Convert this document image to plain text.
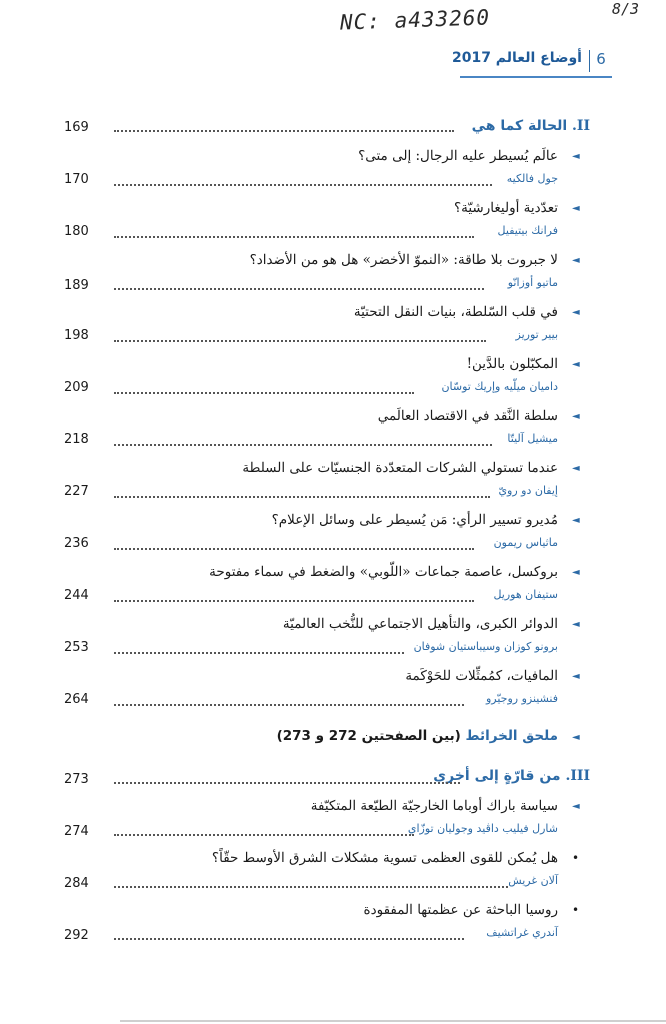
NC: a433260	8/3
6
أوضاع العالم 2017
II. الحالة كما هي
169
◄
عالَم يُسيطر عليه الرجال: إلى متى؟
جول فالكيه
170
◄
تعدّدية أوليغارشيّة؟
فرانك بيتيفيل
180
◄
لا جبروت بلا طاقة: «النموّ الأخضر» هل هو من الأضداد؟
ماتيو أوزانّو
189
◄
في قلب السّلطة، بنيات النقل التحتيّة
بيير توريز
198
◄
المكبّلون بالدَّين!
داميان ميلّيه وإريك توسّان
209
◄
سلطة النَّقد في الاقتصاد العالَمي
ميشيل آليتّا
218
◄
عندما تستولي الشركات المتعدّدة الجنسيّات على السلطة
إيفان دو رويّ
227
◄
مُديرو تسيير الرأي: مَن يُسيطر على وسائل الإعلام؟
ماثياس ريمون
236
◄
بروكسل، عاصمة جماعات «اللّوبي» والضغط في سماء مفتوحة
ستيفان هوريل
244
◄
الدوائر الكبرى، والتأهيل الاجتماعي للنُّخب العالميّة
برونو كوزان وسيباستيان شوفان
253
◄
المافيات، كمُمثِّلات للحَوْكَمة
فنشينزو روجيّرو
264
◄
ملحق الخرائط (بين الصفحتين 272 و 273)
III. من قارّةٍ إلى أخرى
273
◄
سياسة باراك أوباما الخارجيّة الطيّعة المتكيّفة
شارل فيليب داڤيد وجوليان توزّاي
274
•
هل يُمكن للقوى العظمى تسوية مشكلات الشرق الأوسط حقّاً؟
آلان غريش
284
•
روسيا الباحثة عن عظمتها المفقودة
آندري غراتشيف
292
